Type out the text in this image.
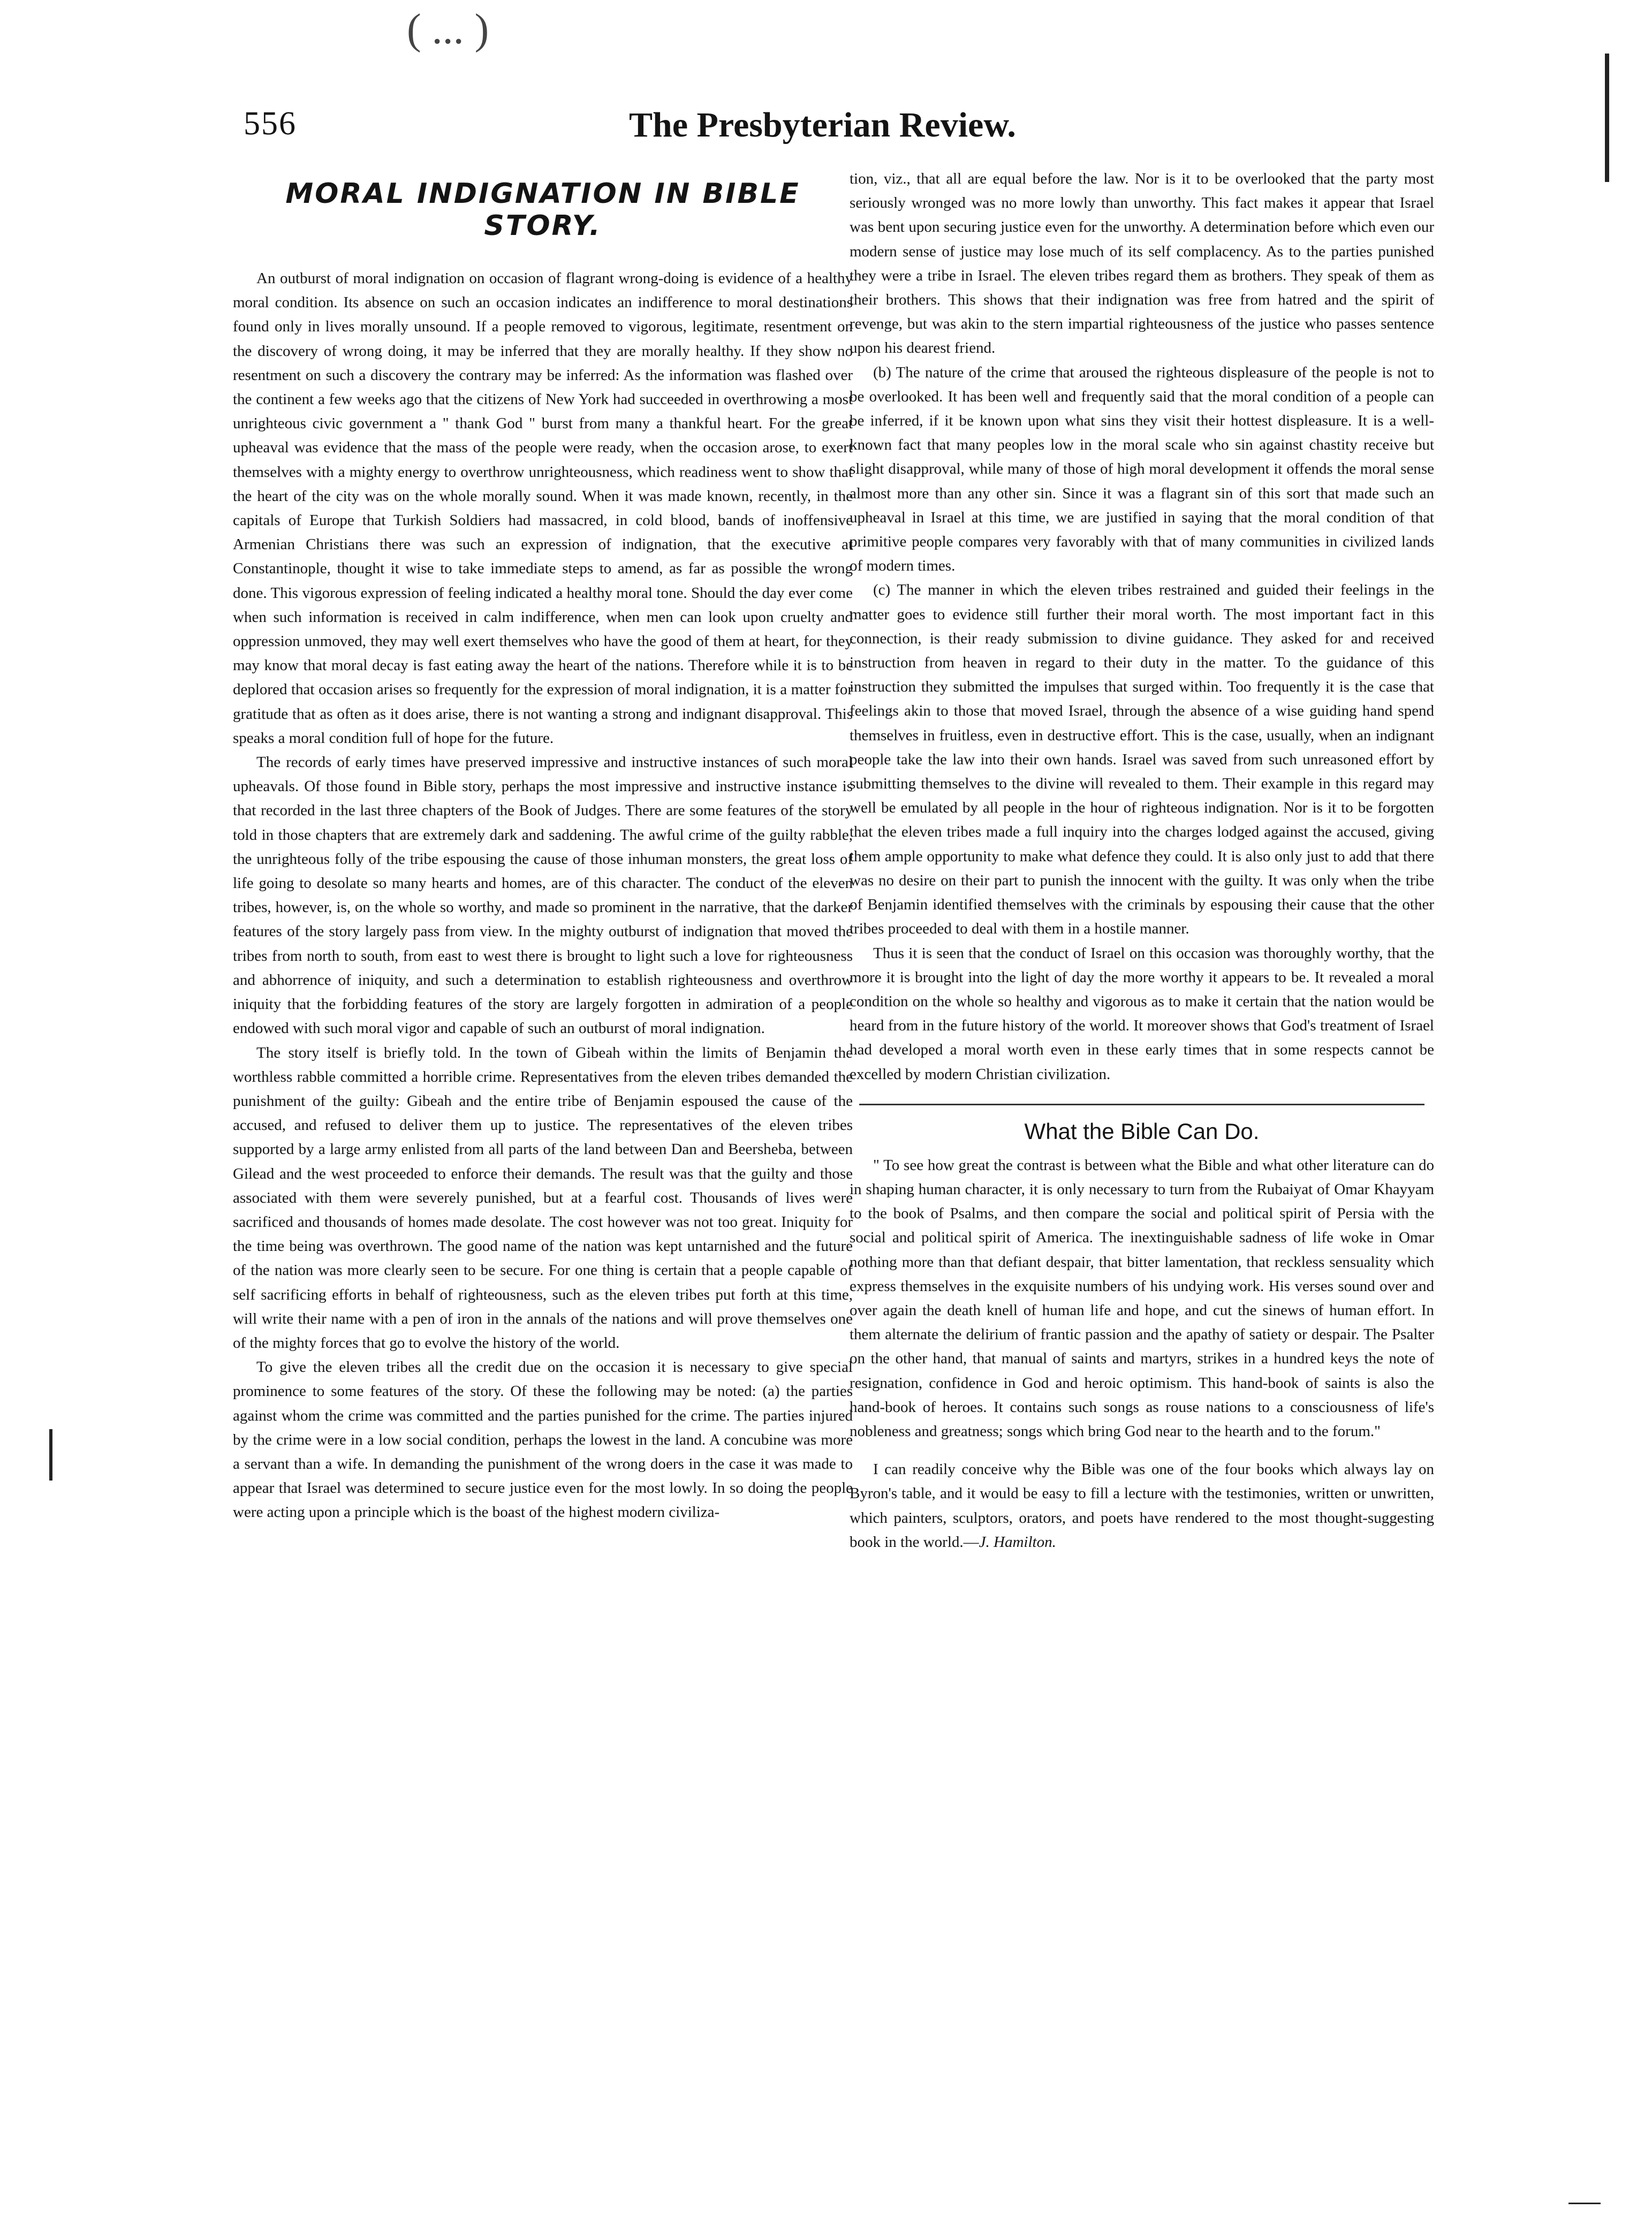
( ... )
556	The Presbyterian Review.
MORAL INDIGNATION IN BIBLE STORY.

An outburst of moral indignation on occasion of flagrant wrong-doing is evidence of a healthy moral condition. Its absence on such an occasion indicates an indifference to moral destinations found only in lives morally unsound. If a people removed to vigorous, legitimate, resentment on the discovery of wrong doing, it may be inferred that they are morally healthy. If they show no resentment on such a discovery the contrary may be inferred: As the information was flashed over the continent a few weeks ago that the citizens of New York had succeeded in overthrowing a most unrighteous civic government a " thank God " burst from many a thankful heart. For the great upheaval was evidence that the mass of the people were ready, when the occasion arose, to exert themselves with a mighty energy to overthrow unrighteousness, which readiness went to show that the heart of the city was on the whole morally sound. When it was made known, recently, in the capitals of Europe that Turkish Soldiers had massacred, in cold blood, bands of inoffensive Armenian Christians there was such an expression of indignation, that the executive at Constantinople, thought it wise to take immediate steps to amend, as far as possible the wrong done. This vigorous expression of feeling indicated a healthy moral tone. Should the day ever come when such information is received in calm indifference, when men can look upon cruelty and oppression unmoved, they may well exert themselves who have the good of them at heart, for they may know that moral decay is fast eating away the heart of the nations. Therefore while it is to be deplored that occasion arises so frequently for the expression of moral indignation, it is a matter for gratitude that as often as it does arise, there is not wanting a strong and indignant disapproval. This speaks a moral condition full of hope for the future.

The records of early times have preserved impressive and instructive instances of such moral upheavals. Of those found in Bible story, perhaps the most impressive and instructive instance is that recorded in the last three chapters of the Book of Judges. There are some features of the story told in those chapters that are extremely dark and saddening. The awful crime of the guilty rabble, the unrighteous folly of the tribe espousing the cause of those inhuman monsters, the great loss of life going to desolate so many hearts and homes, are of this character. The conduct of the eleven tribes, however, is, on the whole so worthy, and made so prominent in the narrative, that the darker features of the story largely pass from view. In the mighty outburst of indignation that moved the tribes from north to south, from east to west there is brought to light such a love for righteousness and abhorrence of iniquity, and such a determination to establish righteousness and overthrow iniquity that the forbidding features of the story are largely forgotten in admiration of a people endowed with such moral vigor and capable of such an outburst of moral indignation.

The story itself is briefly told. In the town of Gibeah within the limits of Benjamin the worthless rabble committed a horrible crime. Representatives from the eleven tribes demanded the punishment of the guilty: Gibeah and the entire tribe of Benjamin espoused the cause of the accused, and refused to deliver them up to justice. The representatives of the eleven tribes supported by a large army enlisted from all parts of the land between Dan and Beersheba, between Gilead and the west proceeded to enforce their demands. The result was that the guilty and those associated with them were severely punished, but at a fearful cost. Thousands of lives were sacrificed and thousands of homes made desolate. The cost however was not too great. Iniquity for the time being was overthrown. The good name of the nation was kept untarnished and the future of the nation was more clearly seen to be secure. For one thing is certain that a people capable of self sacrificing efforts in behalf of righteousness, such as the eleven tribes put forth at this time, will write their name with a pen of iron in the annals of the nations and will prove themselves one of the mighty forces that go to evolve the history of the world.

To give the eleven tribes all the credit due on the occasion it is necessary to give special prominence to some features of the story. Of these the following may be noted: (a) the parties against whom the crime was committed and the parties punished for the crime. The parties injured by the crime were in a low social condition, perhaps the lowest in the land. A concubine was more a servant than a wife. In demanding the punishment of the wrong doers in the case it was made to appear that Israel was determined to secure justice even for the most lowly. In so doing the people were acting upon a principle which is the boast of the highest modern civiliza-

tion, viz., that all are equal before the law. Nor is it to be overlooked that the party most seriously wronged was no more lowly than unworthy. This fact makes it appear that Israel was bent upon securing justice even for the unworthy. A determination before which even our modern sense of justice may lose much of its self complacency. As to the parties punished they were a tribe in Israel. The eleven tribes regard them as brothers. They speak of them as their brothers. This shows that their indignation was free from hatred and the spirit of revenge, but was akin to the stern impartial righteousness of the justice who passes sentence upon his dearest friend.

(b) The nature of the crime that aroused the righteous displeasure of the people is not to be overlooked. It has been well and frequently said that the moral condition of a people can be inferred, if it be known upon what sins they visit their hottest displeasure. It is a well-known fact that many peoples low in the moral scale who sin against chastity receive but slight disapproval, while many of those of high moral development it offends the moral sense almost more than any other sin. Since it was a flagrant sin of this sort that made such an upheaval in Israel at this time, we are justified in saying that the moral condition of that primitive people compares very favorably with that of many communities in civilized lands of modern times.

(c) The manner in which the eleven tribes restrained and guided their feelings in the matter goes to evidence still further their moral worth. The most important fact in this connection, is their ready submission to divine guidance. They asked for and received instruction from heaven in regard to their duty in the matter. To the guidance of this instruction they submitted the impulses that surged within. Too frequently it is the case that feelings akin to those that moved Israel, through the absence of a wise guiding hand spend themselves in fruitless, even in destructive effort. This is the case, usually, when an indignant people take the law into their own hands. Israel was saved from such unreasoned effort by submitting themselves to the divine will revealed to them. Their example in this regard may well be emulated by all people in the hour of righteous indignation. Nor is it to be forgotten that the eleven tribes made a full inquiry into the charges lodged against the accused, giving them ample opportunity to make what defence they could. It is also only just to add that there was no desire on their part to punish the innocent with the guilty. It was only when the tribe of Benjamin identified themselves with the criminals by espousing their cause that the other tribes proceeded to deal with them in a hostile manner.

Thus it is seen that the conduct of Israel on this occasion was thoroughly worthy, that the more it is brought into the light of day the more worthy it appears to be. It revealed a moral condition on the whole so healthy and vigorous as to make it certain that the nation would be heard from in the future history of the world. It moreover shows that God's treatment of Israel had developed a moral worth even in these early times that in some respects cannot be excelled by modern Christian civilization.

What the Bible Can Do.

" To see how great the contrast is between what the Bible and what other literature can do in shaping human character, it is only necessary to turn from the Rubaiyat of Omar Khayyam to the book of Psalms, and then compare the social and political spirit of Persia with the social and political spirit of America. The inextinguishable sadness of life woke in Omar nothing more than that defiant despair, that bitter lamentation, that reckless sensuality which express themselves in the exquisite numbers of his undying work. His verses sound over and over again the death knell of human life and hope, and cut the sinews of human effort. In them alternate the delirium of frantic passion and the apathy of satiety or despair. The Psalter on the other hand, that manual of saints and martyrs, strikes in a hundred keys the note of resignation, confidence in God and heroic optimism. This hand-book of saints is also the hand-book of heroes. It contains such songs as rouse nations to a consciousness of life's nobleness and greatness; songs which bring God near to the hearth and to the forum."

I can readily conceive why the Bible was one of the four books which always lay on Byron's table, and it would be easy to fill a lecture with the testimonies, written or unwritten, which painters, sculptors, orators, and poets have rendered to the most thought-suggesting book in the world.—J. Hamilton.
